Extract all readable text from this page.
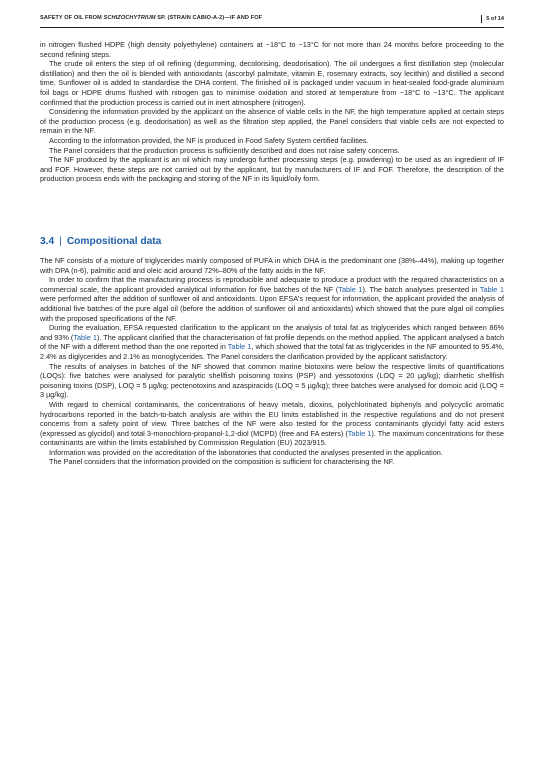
SAFETY OF OIL FROM SCHIZOCHYTRIUM SP. (STRAIN CABIO-A-2)—IF AND FOF	5 of 14

in nitrogen flushed HDPE (high density polyethylene) containers at −18°C to −13°C for not more than 24 months before proceeding to the second refining steps.

The crude oil enters the step of oil refining (degumming, decolorising, deodorisation). The oil undergoes a first distillation step (molecular distillation) and then the oil is blended with antioxidants (ascorbyl palmitate, vitamin E, rosemary extracts, soy lecithin) and distilled a second time. Sunflower oil is added to standardise the DHA content. The finished oil is packaged under vacuum in heat-sealed food-grade aluminium foil bags or HDPE drums flushed with nitrogen gas to minimise oxidation and stored at temperature from −18°C to −13°C. The applicant confirmed that the production process is carried out in inert atmosphere (nitrogen).

Considering the information provided by the applicant on the absence of viable cells in the NF, the high temperature applied at certain steps of the production process (e.g. deodorisation) as well as the filtration step applied, the Panel considers that viable cells are not expected to remain in the NF.

According to the information provided, the NF is produced in Food Safety System certified facilities.

The Panel considers that the production process is sufficiently described and does not raise safety concerns.

The NF produced by the applicant is an oil which may undergo further processing steps (e.g. powdering) to be used as an ingredient of IF and FOF. However, these steps are not carried out by the applicant, but by manufacturers of IF and FOF. Therefore, the description of the production process ends with the packaging and storing of the NF in its liquid/oily form.

3.4 | Compositional data

The NF consists of a mixture of triglycerides mainly composed of PUFA in which DHA is the predominant one (38%–44%), making up together with DPA (n-6), palmitic acid and oleic acid around 72%–80% of the fatty acids in the NF.

In order to confirm that the manufacturing process is reproducible and adequate to produce a product with the required characteristics on a commercial scale, the applicant provided analytical information for five batches of the NF (Table 1). The batch analyses presented in Table 1 were performed after the addition of sunflower oil and antioxidants. Upon EFSA's request for information, the applicant provided the analysis of additional five batches of the pure algal oil (before the addition of sunflower oil and antioxidants) which showed that the pure algal oil complies with the proposed specifications of the NF.

During the evaluation, EFSA requested clarification to the applicant on the analysis of total fat as triglycerides which ranged between 86% and 93% (Table 1). The applicant clarified that the characterisation of fat profile depends on the method applied. The applicant analysed a batch of the NF with a different method than the one reported in Table 1, which showed that the total fat as triglycerides in the NF amounted to 95.4%, 2.4% as diglycerides and 2.1% as monoglycerides. The Panel considers the clarification provided by the applicant satisfactory.

The results of analyses in batches of the NF showed that common marine biotoxins were below the respective limits of quantifications (LOQs): five batches were analysed for paralytic shellfish poisoning toxins (PSP) and yessotoxins (LOQ = 20 µg/kg); diarrhetic shellfish poisoning toxins (DSP), LOQ = 5 µg/kg; pectenotoxins and azaspiracids (LOQ = 5 µg/kg); three batches were analysed for domoic acid (LOQ = 3 µg/kg).

With regard to chemical contaminants, the concentrations of heavy metals, dioxins, polychlorinated biphenyls and polycyclic aromatic hydrocarbons reported in the batch-to-batch analysis are within the EU limits established in the respective regulations and do not present concerns from a safety point of view. Three batches of the NF were also tested for the process contaminants glycidyl fatty acid esters (expressed as glycidol) and total 3-monochloro-propanol-1,2-diol (MCPD) (free and FA esters) (Table 1). The maximum concentrations for these contaminants are within the limits established by Commission Regulation (EU) 2023/915.

Information was provided on the accreditation of the laboratories that conducted the analyses presented in the application.

The Panel considers that the information provided on the composition is sufficient for characterising the NF.
